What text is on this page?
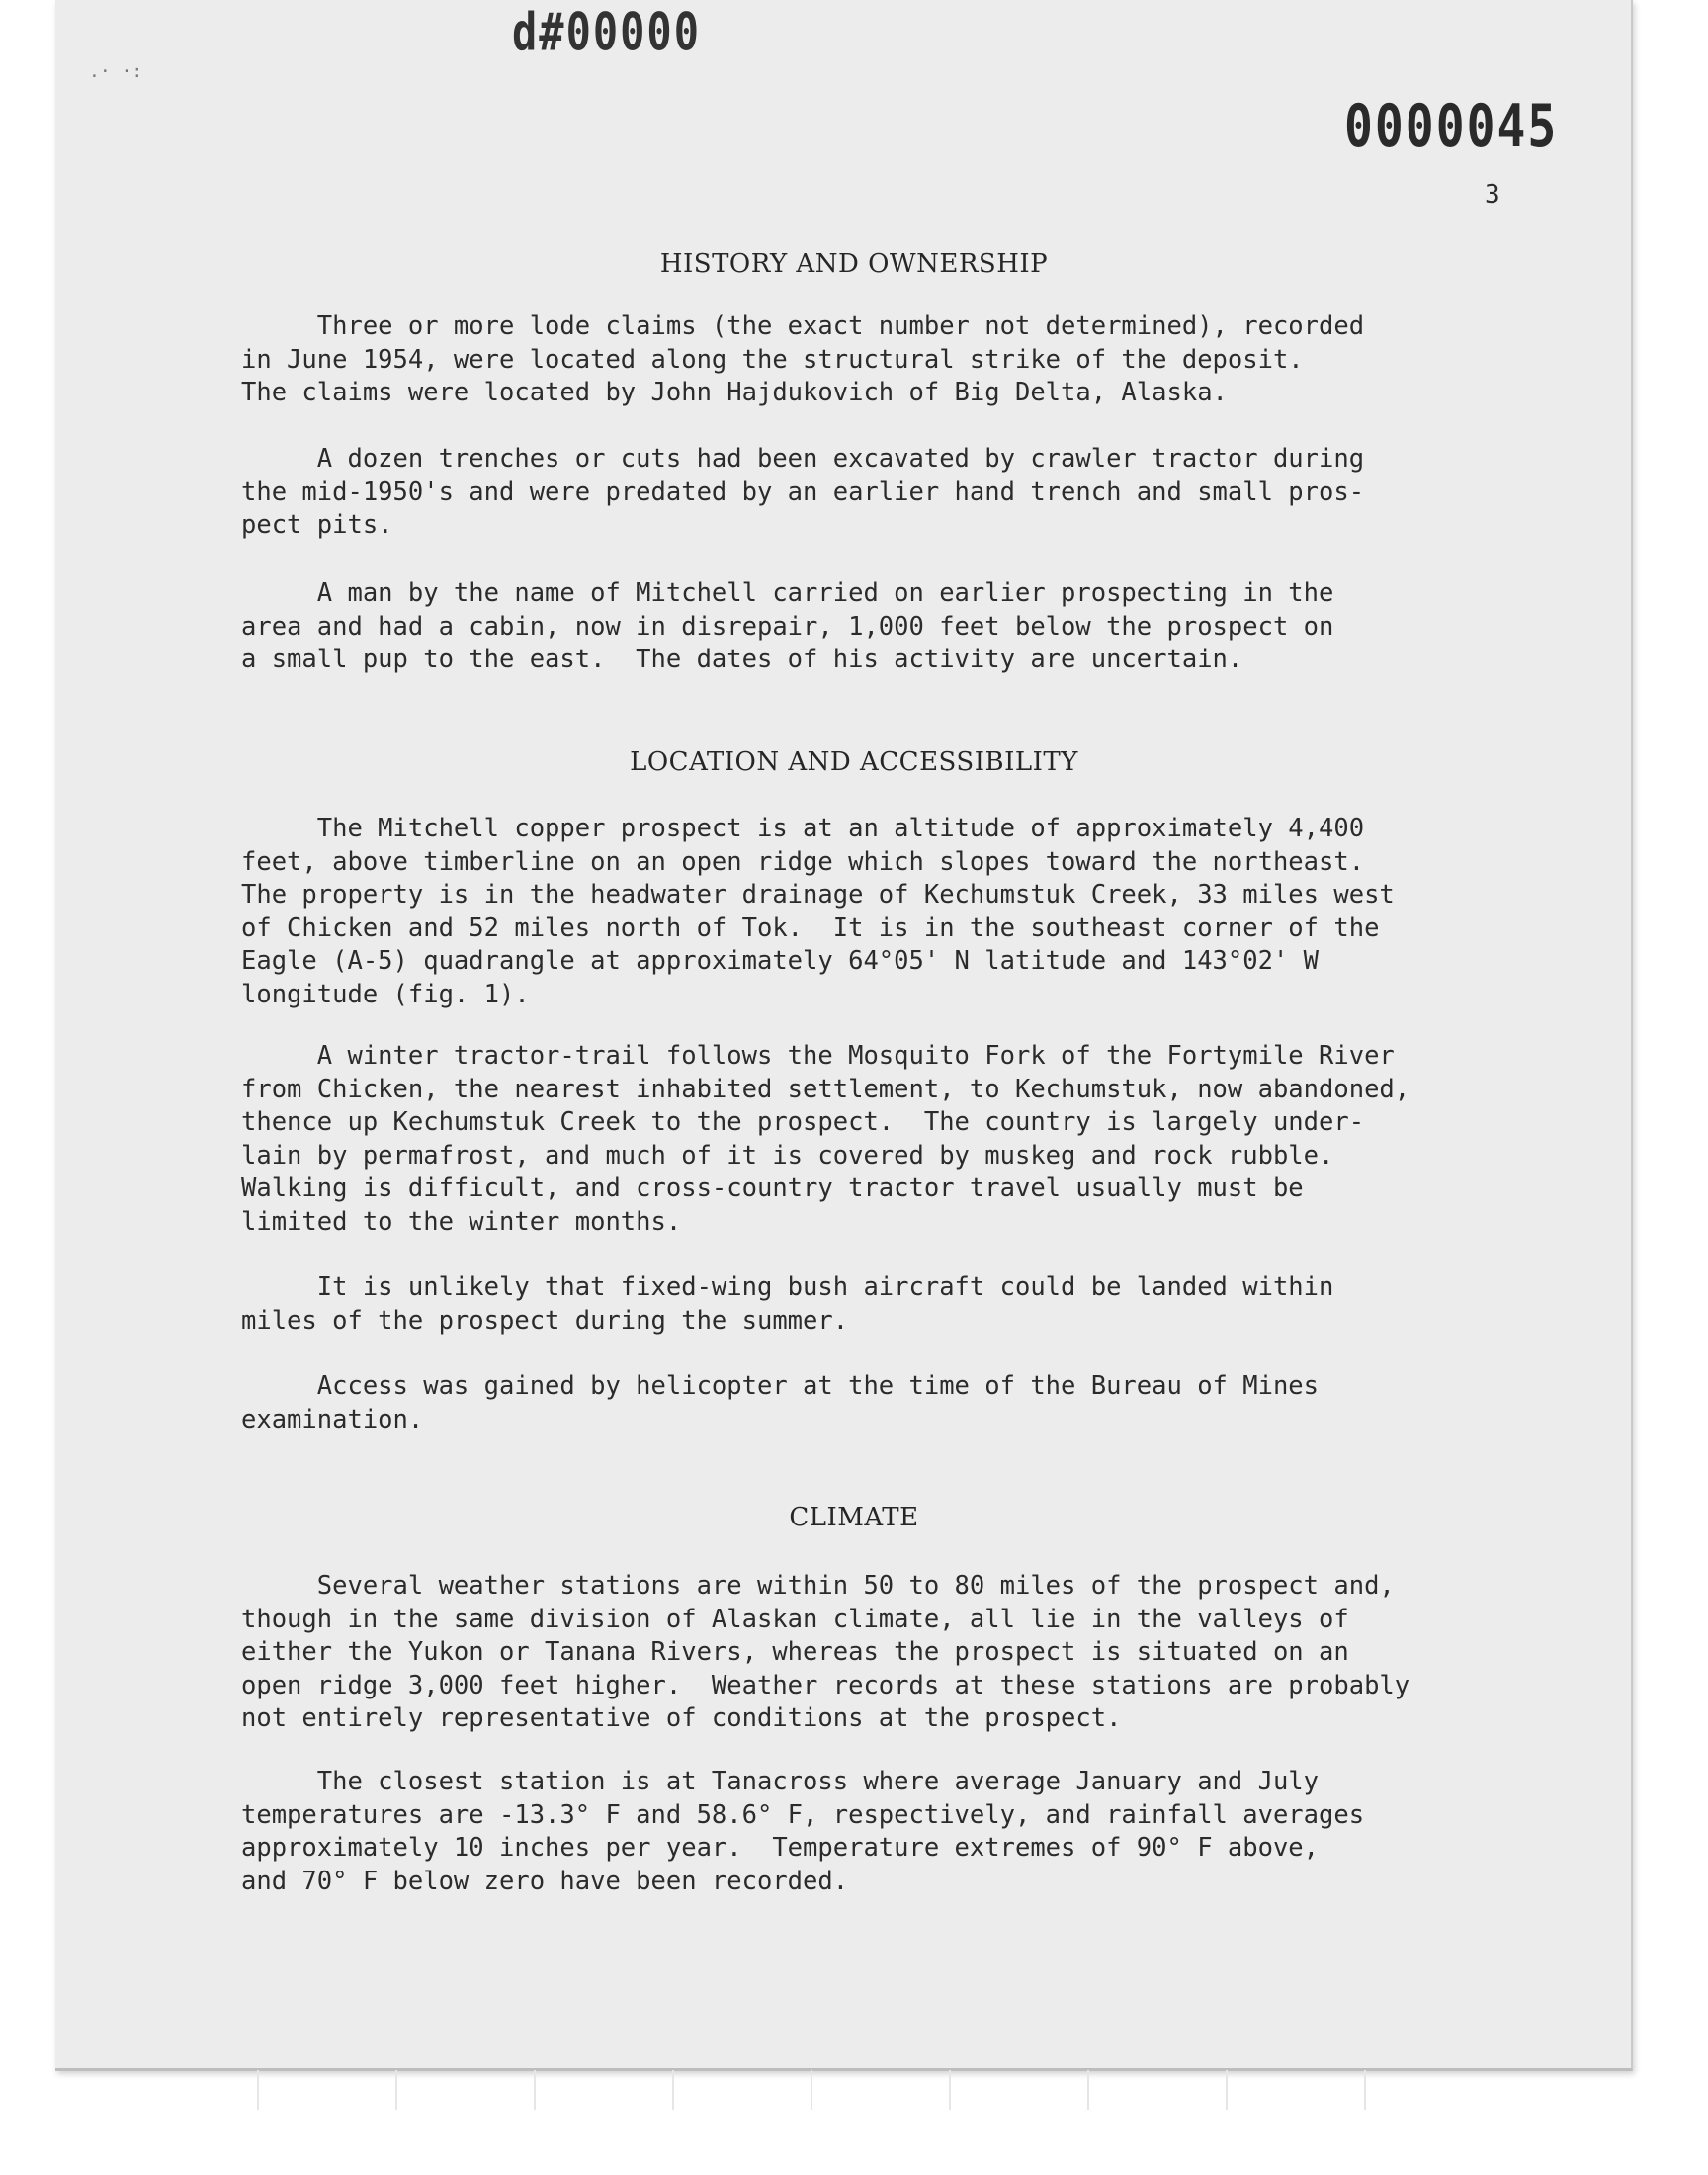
d#00000
0000045
.· ·:
3
HISTORY AND OWNERSHIP
Three or more lode claims (the exact number not determined), recorded
in June 1954, were located along the structural strike of the deposit.
The claims were located by John Hajdukovich of Big Delta, Alaska.
A dozen trenches or cuts had been excavated by crawler tractor during
the mid-1950's and were predated by an earlier hand trench and small pros-
pect pits.
A man by the name of Mitchell carried on earlier prospecting in the
area and had a cabin, now in disrepair, 1,000 feet below the prospect on
a small pup to the east.  The dates of his activity are uncertain.
LOCATION AND ACCESSIBILITY
The Mitchell copper prospect is at an altitude of approximately 4,400
feet, above timberline on an open ridge which slopes toward the northeast.
The property is in the headwater drainage of Kechumstuk Creek, 33 miles west
of Chicken and 52 miles north of Tok.  It is in the southeast corner of the
Eagle (A-5) quadrangle at approximately 64°05' N latitude and 143°02' W
longitude (fig. 1).
A winter tractor-trail follows the Mosquito Fork of the Fortymile River
from Chicken, the nearest inhabited settlement, to Kechumstuk, now abandoned,
thence up Kechumstuk Creek to the prospect.  The country is largely under-
lain by permafrost, and much of it is covered by muskeg and rock rubble.
Walking is difficult, and cross-country tractor travel usually must be
limited to the winter months.
It is unlikely that fixed-wing bush aircraft could be landed within
miles of the prospect during the summer.
Access was gained by helicopter at the time of the Bureau of Mines
examination.
CLIMATE
Several weather stations are within 50 to 80 miles of the prospect and,
though in the same division of Alaskan climate, all lie in the valleys of
either the Yukon or Tanana Rivers, whereas the prospect is situated on an
open ridge 3,000 feet higher.  Weather records at these stations are probably
not entirely representative of conditions at the prospect.
The closest station is at Tanacross where average January and July
temperatures are -13.3° F and 58.6° F, respectively, and rainfall averages
approximately 10 inches per year.  Temperature extremes of 90° F above,
and 70° F below zero have been recorded.
